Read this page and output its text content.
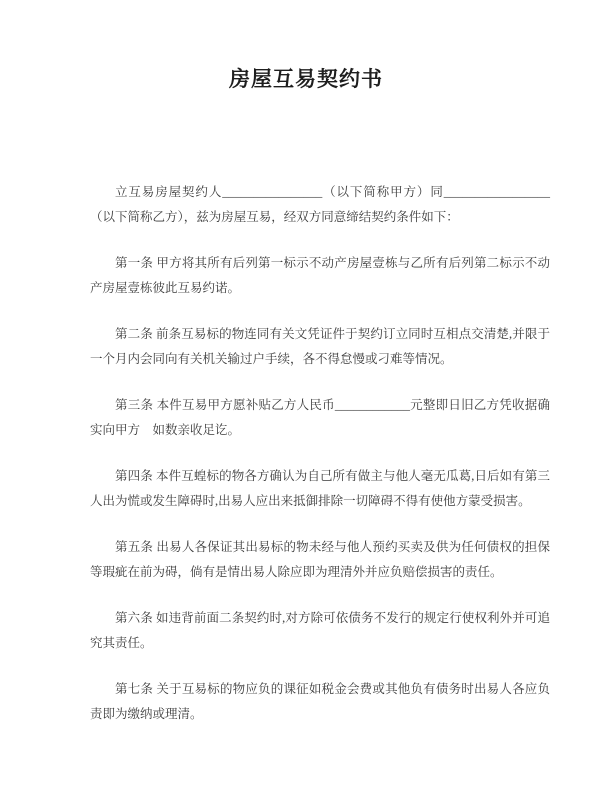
房屋互易契约书

立互易房屋契约人________________（以下简称甲方）同_________________（以下简称乙方），兹为房屋互易，经双方同意缔结契约条件如下：

第一条 甲方将其所有后列第一标示不动产房屋壹栋与乙所有后列第二标示不动产房屋壹栋彼此互易约诺。

第二条 前条互易标的物连同有关文凭证件于契约订立同时互相点交清楚,并限于一个月内会同向有关机关输过户手续，各不得怠慢或刁难等情况。

第三条 本件互易甲方愿补贴乙方人民币____________元整即日旧乙方凭收据确实向甲方　如数亲收足讫。

第四条 本件互蝗标的物各方确认为自己所有做主与他人毫无瓜葛,日后如有第三人出为慌或发生障碍时,出易人应出来抵御排除一切障碍不得有使他方蒙受损害。

第五条 出易人各保证其出易标的物未经与他人预约买卖及供为任何债权的担保等瑕疵在前为碍，倘有是情出易人除应即为理清外并应负赔偿损害的责任。

第六条 如违背前面二条契约时,对方除可依债务不发行的规定行使权利外并可追究其责任。

第七条 关于互易标的物应负的课征如税金会费或其他负有债务时出易人各应负责即为缴纳或理清。
